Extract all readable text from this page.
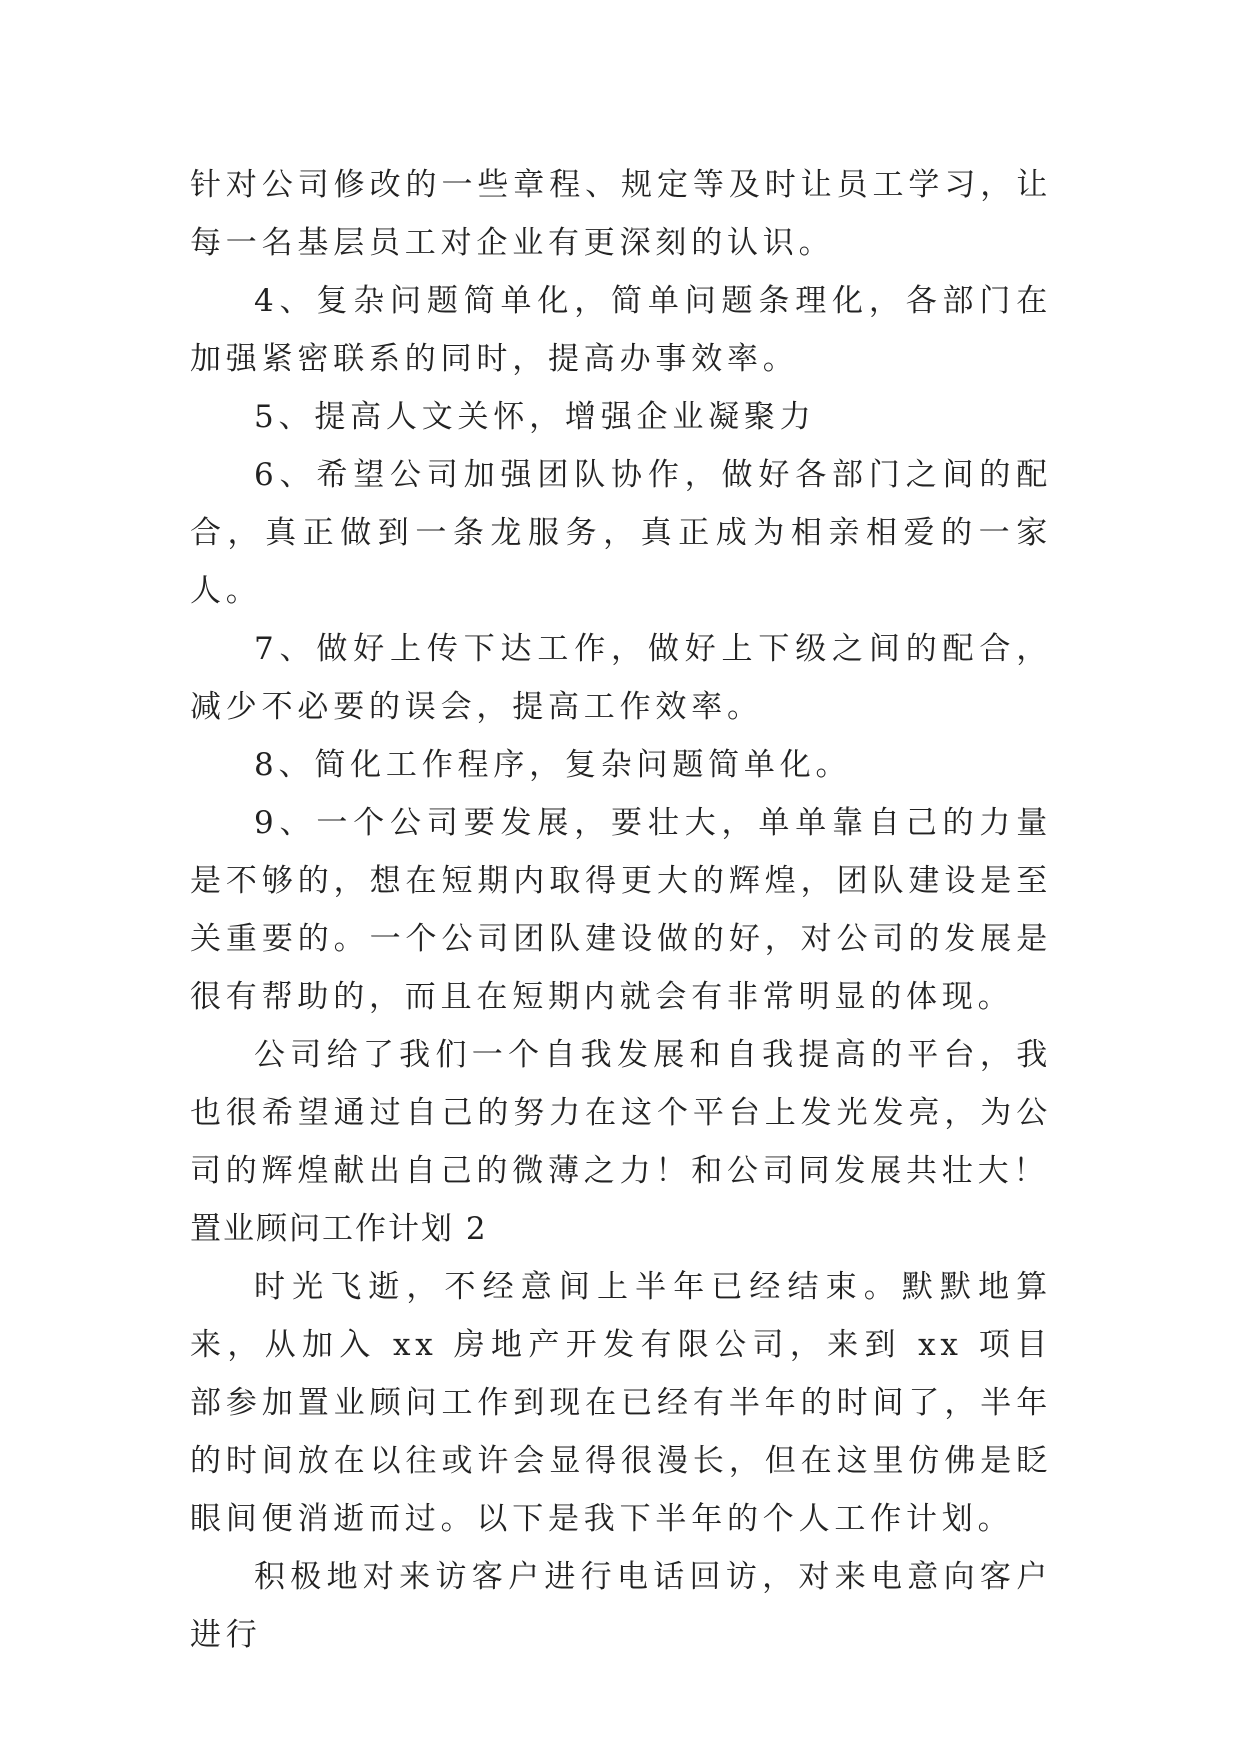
针对公司修改的一些章程、规定等及时让员工学习，让每一名基层员工对企业有更深刻的认识。

4、复杂问题简单化，简单问题条理化，各部门在加强紧密联系的同时，提高办事效率。

5、提高人文关怀，增强企业凝聚力

6、希望公司加强团队协作，做好各部门之间的配合，真正做到一条龙服务，真正成为相亲相爱的一家人。

7、做好上传下达工作，做好上下级之间的配合，减少不必要的误会，提高工作效率。

8、简化工作程序，复杂问题简单化。

9、一个公司要发展，要壮大，单单靠自己的力量是不够的，想在短期内取得更大的辉煌，团队建设是至关重要的。一个公司团队建设做的好，对公司的发展是很有帮助的，而且在短期内就会有非常明显的体现。

公司给了我们一个自我发展和自我提高的平台，我也很希望通过自己的努力在这个平台上发光发亮，为公司的辉煌献出自己的微薄之力！和公司同发展共壮大！

置业顾问工作计划 2

时光飞逝，不经意间上半年已经结束。默默地算来，从加入 xx 房地产开发有限公司，来到 xx 项目部参加置业顾问工作到现在已经有半年的时间了，半年的时间放在以往或许会显得很漫长，但在这里仿佛是眨眼间便消逝而过。以下是我下半年的个人工作计划。

积极地对来访客户进行电话回访，对来电意向客户进行
